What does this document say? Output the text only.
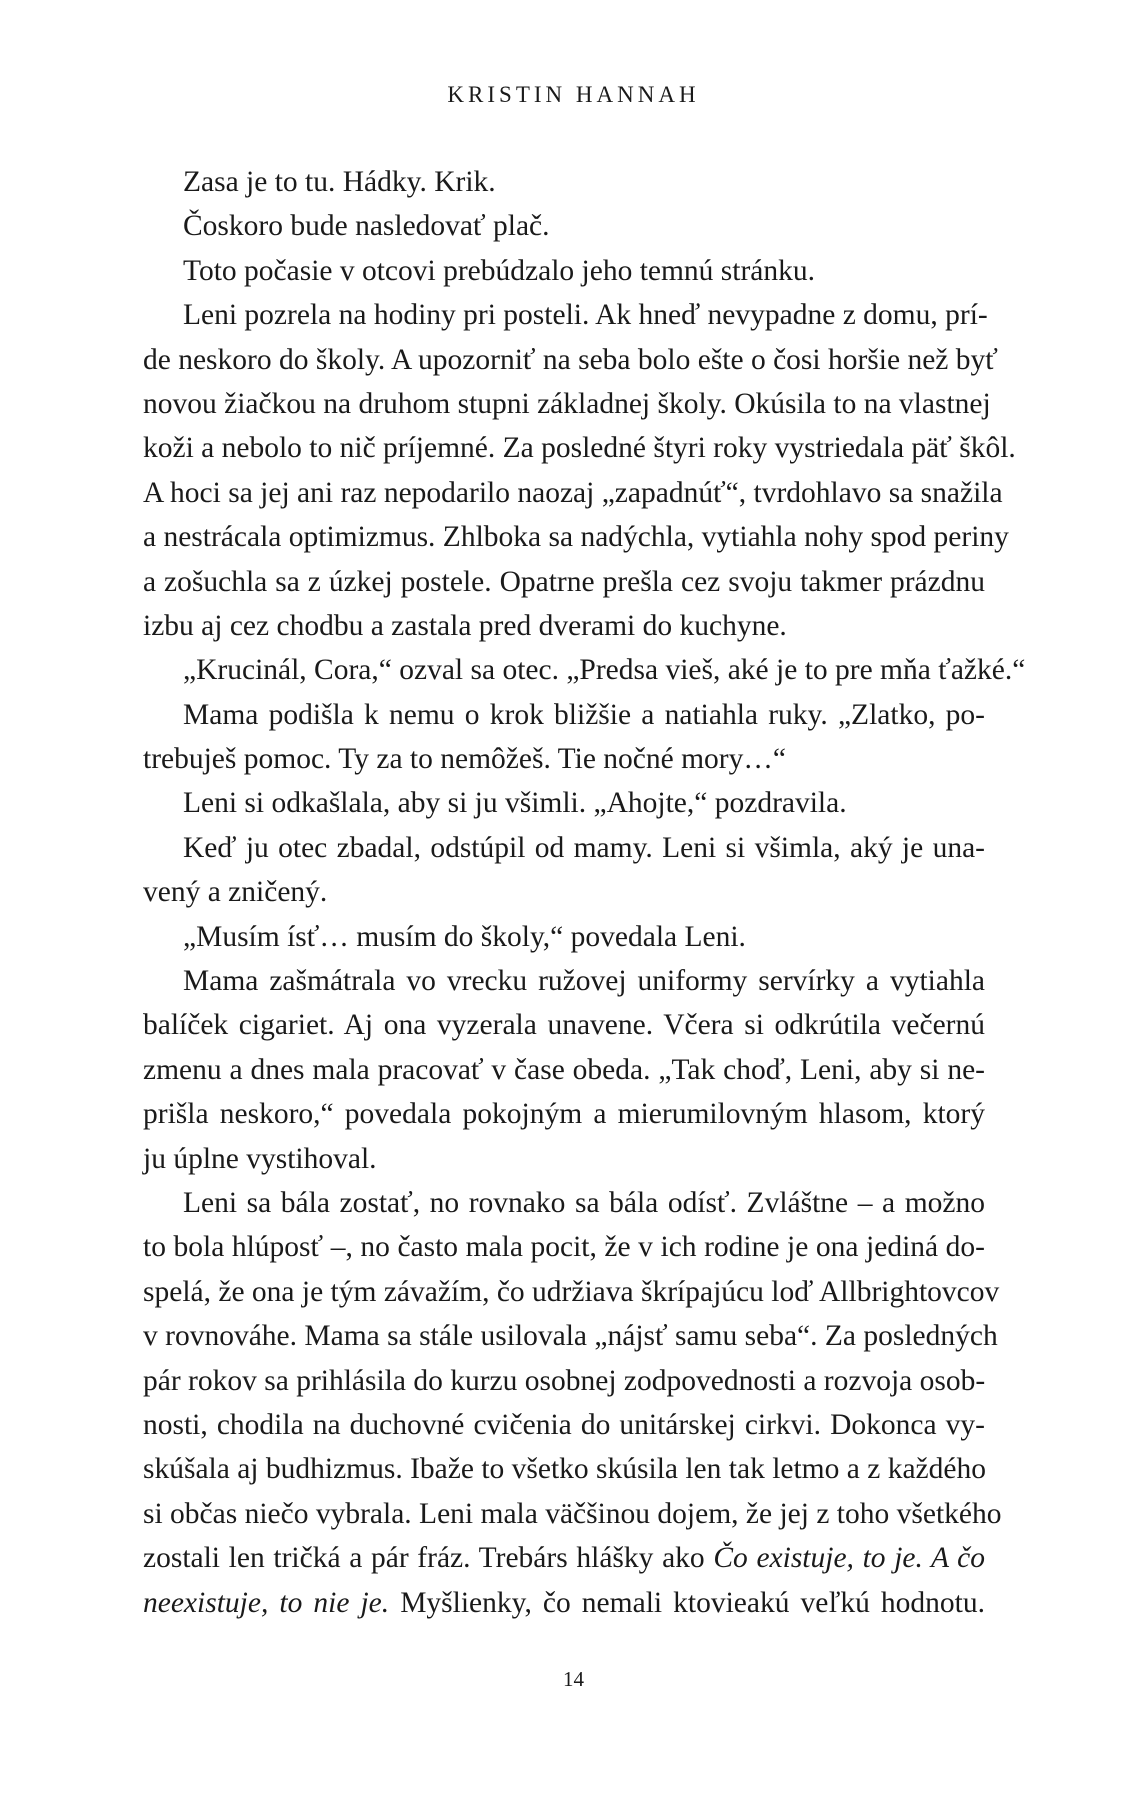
KRISTIN HANNAH
Zasa je to tu. Hádky. Krik.
Čoskoro bude nasledovať plač.
Toto počasie v otcovi prebúdzalo jeho temnú stránku.
Leni pozrela na hodiny pri posteli. Ak hneď nevypadne z domu, prí-
de neskoro do školy. A upozorniť na seba bolo ešte o čosi horšie než byť
novou žiačkou na druhom stupni základnej školy. Okúsila to na vlastnej
koži a nebolo to nič príjemné. Za posledné štyri roky vystriedala päť škôl.
A hoci sa jej ani raz nepodarilo naozaj „zapadnúť“, tvrdohlavo sa snažila
a nestrácala optimizmus. Zhlboka sa nadýchla, vytiahla nohy spod periny
a zošuchla sa z úzkej postele. Opatrne prešla cez svoju takmer prázdnu
izbu aj cez chodbu a zastala pred dverami do kuchyne.
„Krucinál, Cora,“ ozval sa otec. „Predsa vieš, aké je to pre mňa ťažké.“
Mama podišla k nemu o krok bližšie a natiahla ruky. „Zlatko, po-
trebuješ pomoc. Ty za to nemôžeš. Tie nočné mory…“
Leni si odkašlala, aby si ju všimli. „Ahojte,“ pozdravila.
Keď ju otec zbadal, odstúpil od mamy. Leni si všimla, aký je una-
vený a zničený.
„Musím ísť… musím do školy,“ povedala Leni.
Mama zašmátrala vo vrecku ružovej uniformy servírky a vytiahla
balíček cigariet. Aj ona vyzerala unavene. Včera si odkrútila večernú
zmenu a dnes mala pracovať v čase obeda. „Tak choď, Leni, aby si ne-
prišla neskoro,“ povedala pokojným a mierumilovným hlasom, ktorý
ju úplne vystihoval.
Leni sa bála zostať, no rovnako sa bála odísť. Zvláštne – a možno
to bola hlúposť –, no často mala pocit, že v ich rodine je ona jediná do-
spelá, že ona je tým závažím, čo udržiava škrípajúcu loď Allbrightovcov
v rovnováhe. Mama sa stále usilovala „nájsť samu seba“. Za posledných
pár rokov sa prihlásila do kurzu osobnej zodpovednosti a rozvoja osob-
nosti, chodila na duchovné cvičenia do unitárskej cirkvi. Dokonca vy-
skúšala aj budhizmus. Ibaže to všetko skúsila len tak letmo a z každého
si občas niečo vybrala. Leni mala väčšinou dojem, že jej z toho všetkého
zostali len tričká a pár fráz. Trebárs hlášky ako Čo existuje, to je. A čo
neexistuje, to nie je. Myšlienky, čo nemali ktovieakú veľkú hodnotu.
14
